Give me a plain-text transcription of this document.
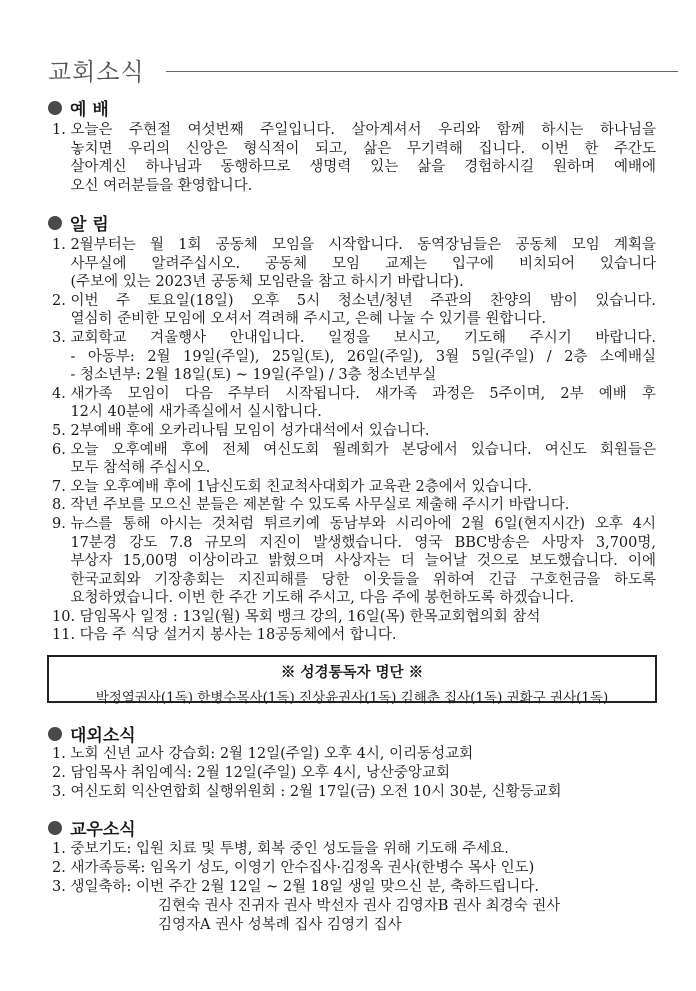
교회소식
예 배
1. 오늘은 주현절 여섯번째 주일입니다. 살아계셔서 우리와 함께 하시는 하나님을
놓치면 우리의 신앙은 형식적이 되고, 삶은 무기력해 집니다. 이번 한 주간도
살아계신 하나님과 동행하므로 생명력 있는 삶을 경험하시길 원하며 예배에
오신 여러분들을 환영합니다.
알 림
1. 2월부터는 월 1회 공동체 모임을 시작합니다. 동역장님들은 공동체 모임 계획을
사무실에 알려주십시오. 공동체 모임 교제는 입구에 비치되어 있습니다
(주보에 있는 2023년 공동체 모임란을 참고 하시기 바랍니다).
2. 이번 주 토요일(18일) 오후 5시 청소년/청년 주관의 찬양의 밤이 있습니다.
열심히 준비한 모임에 오셔서 격려해 주시고, 은혜 나눌 수 있기를 원합니다.
3. 교회학교 겨울행사 안내입니다. 일정을 보시고, 기도해 주시기 바랍니다.
- 아동부: 2월 19일(주일), 25일(토), 26일(주일), 3월 5일(주일) / 2층 소예배실
- 청소년부: 2월 18일(토) ~ 19일(주일) / 3층 청소년부실
4. 새가족 모임이 다음 주부터 시작됩니다. 새가족 과정은 5주이며, 2부 예배 후
12시 40분에 새가족실에서 실시합니다.
5. 2부예배 후에 오카리나팀 모임이 성가대석에서 있습니다.
6. 오늘 오후예배 후에 전체 여신도회 월례회가 본당에서 있습니다. 여신도 회원들은
모두 참석해 주십시오.
7. 오늘 오후예배 후에 1남신도회 친교척사대회가 교육관 2층에서 있습니다.
8. 작년 주보를 모으신 분들은 제본할 수 있도록 사무실로 제출해 주시기 바랍니다.
9. 뉴스를 통해 아시는 것처럼 튀르키예 동남부와 시리아에 2월 6일(현지시간) 오후 4시
17분경 강도 7.8 규모의 지진이 발생했습니다. 영국 BBC방송은 사망자 3,700명,
부상자 15,00명 이상이라고 밝혔으며 사상자는 더 늘어날 것으로 보도했습니다. 이에
한국교회와 기장총회는 지진피해를 당한 이웃들을 위하여 긴급 구호헌금을 하도록
요청하였습니다. 이번 한 주간 기도해 주시고, 다음 주에 봉헌하도록 하겠습니다.
10. 담임목사 일정 : 13일(월) 목회 뱅크 강의, 16일(목) 한목교회협의회 참석
11. 다음 주 식당 설거지 봉사는 18공동체에서 합니다.
※ 성경통독자 명단 ※
박정열권사(1독) 한병수목사(1독) 진상윤권사(1독) 김해춘 집사(1독) 권화구 권사(1독)
대외소식
1. 노회 신년 교사 강습회: 2월 12일(주일) 오후 4시, 이리동성교회
2. 담임목사 취임예식: 2월 12일(주일) 오후 4시, 낭산중앙교회
3. 여신도회 익산연합회 실행위원회 : 2월 17일(금) 오전 10시 30분, 신황등교회
교우소식
1. 중보기도: 입원 치료 및 투병, 회복 중인 성도들을 위해 기도해 주세요.
2. 새가족등록: 임옥기 성도, 이영기 안수집사·김정옥 권사(한병수 목사 인도)
3. 생일축하: 이번 주간 2월 12일 ~ 2월 18일 생일 맞으신 분, 축하드립니다.
김현숙 권사 진귀자 권사 박선자 권사 김영자B 권사 최경숙 권사
김영자A 권사 성복례 집사 김영기 집사
